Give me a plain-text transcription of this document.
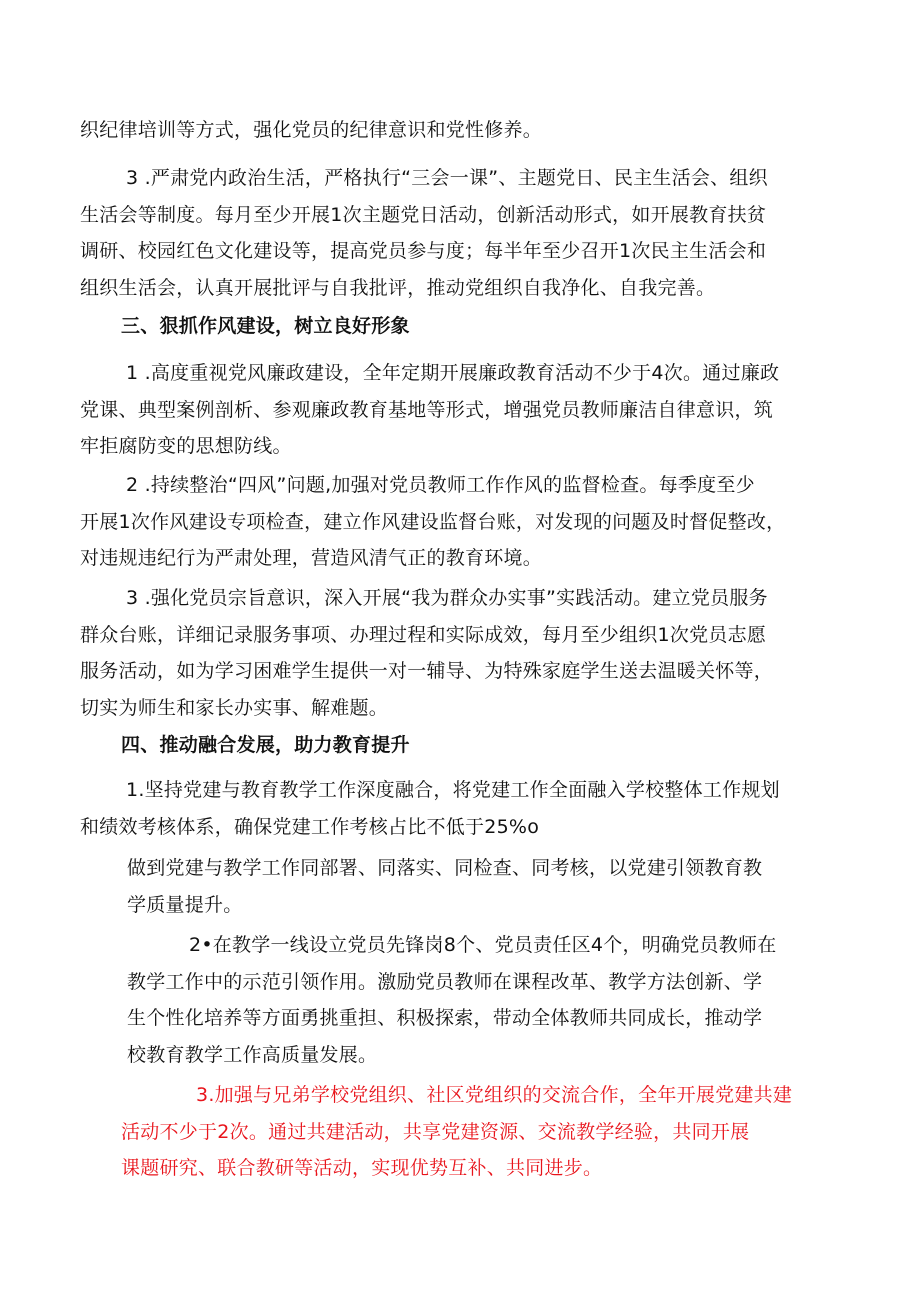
织纪律培训等方式，强化党员的纪律意识和党性修养。

3 .严肃党内政治生活，严格执行“三会一课”、主题党日、民主生活会、组织
生活会等制度。每月至少开展1次主题党日活动，创新活动形式，如开展教育扶贫
调研、校园红色文化建设等，提高党员参与度；每半年至少召开1次民主生活会和
组织生活会，认真开展批评与自我批评，推动党组织自我净化、自我完善。

三、狠抓作风建设，树立良好形象

1 .高度重视党风廉政建设，全年定期开展廉政教育活动不少于4次。通过廉政
党课、典型案例剖析、参观廉政教育基地等形式，增强党员教师廉洁自律意识，筑
牢拒腐防变的思想防线。

2 .持续整治“四风”问题,加强对党员教师工作作风的监督检查。每季度至少
开展1次作风建设专项检查，建立作风建设监督台账，对发现的问题及时督促整改，
对违规违纪行为严肃处理，营造风清气正的教育环境。

3 .强化党员宗旨意识，深入开展“我为群众办实事”实践活动。建立党员服务
群众台账，详细记录服务事项、办理过程和实际成效，每月至少组织1次党员志愿
服务活动，如为学习困难学生提供一对一辅导、为特殊家庭学生送去温暖关怀等，
切实为师生和家长办实事、解难题。

四、推动融合发展，助力教育提升

1.坚持党建与教育教学工作深度融合，将党建工作全面融入学校整体工作规划
和绩效考核体系，确保党建工作考核占比不低于25%o

做到党建与教学工作同部署、同落实、同检查、同考核，以党建引领教育教
学质量提升。

2•在教学一线设立党员先锋岗8个、党员责任区4个，明确党员教师在
教学工作中的示范引领作用。激励党员教师在课程改革、教学方法创新、学
生个性化培养等方面勇挑重担、积极探索，带动全体教师共同成长，推动学
校教育教学工作高质量发展。

3.加强与兄弟学校党组织、社区党组织的交流合作，全年开展党建共建
活动不少于2次。通过共建活动，共享党建资源、交流教学经验，共同开展
课题研究、联合教研等活动，实现优势互补、共同进步。
